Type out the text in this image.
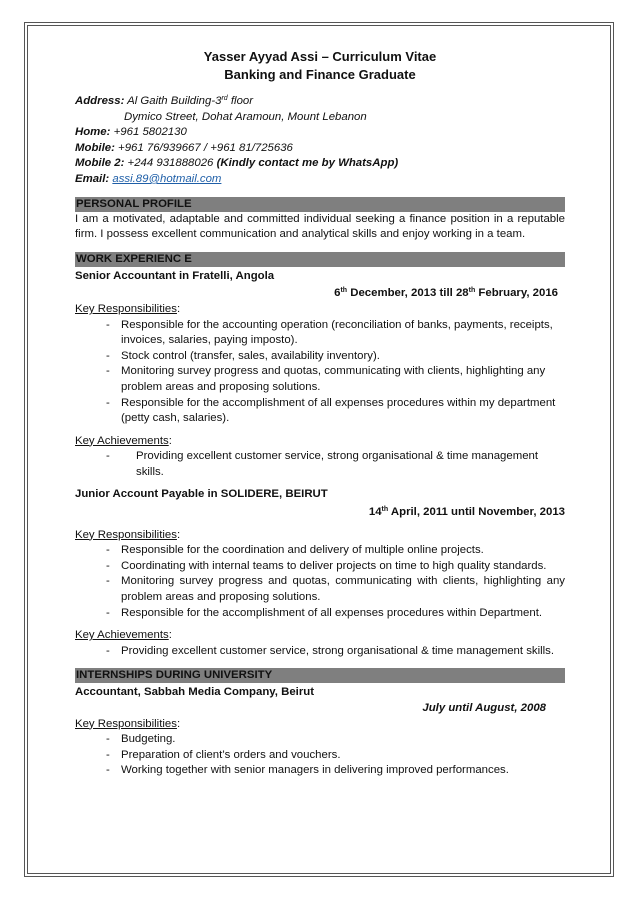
Yasser Ayyad Assi – Curriculum Vitae
Banking and Finance Graduate
Address: Al Gaith Building-3rd floor
Dymico Street, Dohat Aramoun, Mount Lebanon
Home: +961 5802130
Mobile: +961 76/939667 / +961 81/725636
Mobile 2: +244 931888026 (Kindly contact me by WhatsApp)
Email: assi.89@hotmail.com
PERSONAL PROFILE
I am a motivated, adaptable and committed individual seeking a finance position in a reputable firm. I possess excellent communication and analytical skills and enjoy working in a team.
WORK EXPERIENC E
Senior Accountant in Fratelli, Angola
6th December, 2013 till 28th February, 2016
Key Responsibilities:
- Responsible for the accounting operation (reconciliation of banks, payments, receipts, invoices, salaries, paying imposto).
- Stock control (transfer, sales, availability inventory).
- Monitoring survey progress and quotas, communicating with clients, highlighting any problem areas and proposing solutions.
- Responsible for the accomplishment of all expenses procedures within my department (petty cash, salaries).
Key Achievements:
- Providing excellent customer service, strong organisational & time management skills.
Junior Account Payable in SOLIDERE, BEIRUT
14th April, 2011 until November, 2013
Key Responsibilities:
- Responsible for the coordination and delivery of multiple online projects.
- Coordinating with internal teams to deliver projects on time to high quality standards.
- Monitoring survey progress and quotas, communicating with clients, highlighting any problem areas and proposing solutions.
- Responsible for the accomplishment of all expenses procedures within Department.
Key Achievements:
- Providing excellent customer service, strong organisational & time management skills.
INTERNSHIPS DURING UNIVERSITY
Accountant, Sabbah Media Company, Beirut
July until August, 2008
Key Responsibilities:
- Budgeting.
- Preparation of client’s orders and vouchers.
- Working together with senior managers in delivering improved performances.
